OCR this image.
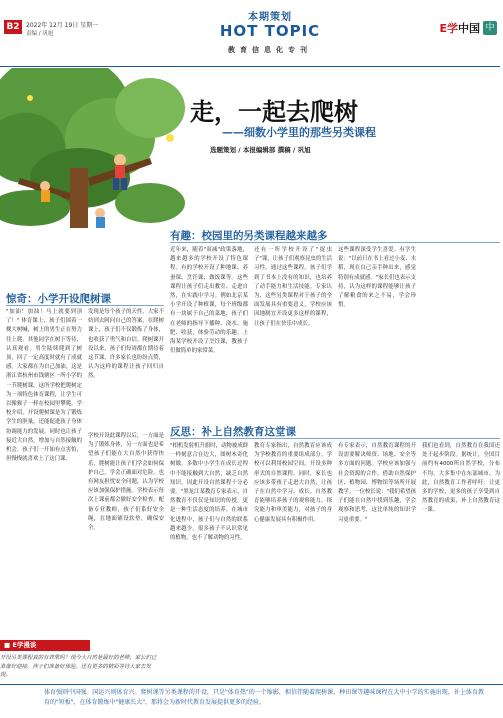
B2	2022年 12月 19日 星期一
责编 / 巩旭
本期策划
HOT TOPIC
教育信息化专刊
E学中国 中
走，一起去爬树
——细数小学里的那些另类课程
选题策划 / 本报编辑部 撰稿 / 巩旭
惊奇：小学开设爬树课
有趣：校园里的另类课程越来越多
反思：补上自然教育这堂课
"加油！加油！马上就要到顶了！" 体育课上，孩子们围着一棵大树喊，树上的男生正在努力往上爬。其他同学在树下等待，认真观看。男生陆续爬到了树顶，回了一定高度时就有了成就感。大家都在为自己加油。这是浙江省杭州市钱塘区一所小学的一节爬树课。这所学校把爬树定为一项特色体育课程，让学生可以像猴子一样在校园里攀爬。学校介绍，开设爬树课是为了锻炼学生的胆量，还能促进孩子身体协调能力的发展。同时也让孩子接近大自然，增加与自然接触的机会。孩子们一开始有点害怕，但慢慢就喜欢上了这门课。
发现是每个孩子的天性，大家不妨到去阿问自己的答案，在爬树课上，孩子们不仅锻炼了身体，也收获了勇气和自信。爬树课开设以来，孩子们每周都在期待着这节课，许多家长也纷纷点赞，认为这样的课程让孩子回归自然。
学校开设此课程以后，一方面是为了锻炼身体，另一方面也是希望孩子们能在大自然中获得快乐，爬树能让孩子们学会如何保护自己，学会正确面对危险。也有网友担忧安全问题，认为学校应该加强保护措施。学校表示每次上课前都会做好安全检查，配备专业教师，孩子们系好安全绳，在地面铺设软垫，确保安全。
近年来，随着"双减"政策落地，越来越多的学校开设了特色课程。有的学校开设了种地课、养蚕课、烹饪课、做饭课等。这些课程让孩子们走出教室、走进自然，在实践中学习。例如北京某小学开设了种植课，每个班级都有一块属于自己的菜地，孩子们在老师的指导下播种、浇水、施肥、收获，体验劳动的乐趣。上海某学校开设了烹饪课，教孩子们做简单的家常菜。
还有一所学校开设了"捉虫子"课，让孩子们观察昆虫的生活习性。通过这些课程，孩子们学到了书本上没有的知识，也培养了动手能力和生活技能。专家认为，这些另类课程对于孩子的全面发展具有重要意义，学校应该因地制宜开设更多这样的课程，让孩子们在快乐中成长。
这些课程深受学生喜爱。有学生说："以前只在书上看过小麦、水稻，现在自己亲手种出来，感觉特别有成就感。"家长们也表示支持，认为这样的课程能够让孩子了解粮食的来之不易，学会珍惜。
"相机发射机升旗时，动物被成群一样刻意合在边大，图树木奇化树做。多数中小学生在成长过程中不能接触到大自然，缺乏自然知识，因此开设自然课程十分必要。"黑龙江某教育专家表示，自然教育不仅仅是知识的传授，更是一种生活态度的培养。在城市化进程中，孩子们与自然的联系越来越少。很多孩子不认识常见的植物，也不了解动物的习性。
教育专家指出，自然教育应该成为学校教育的重要组成部分。学校可以利用校园空间，开设多种形式的自然课程。同时，家长也应该多带孩子走进大自然，让孩子在自然中学习、成长。自然教育能够培养孩子的观察能力、探究能力和审美能力，对孩子的身心健康发展具有积极作用。
有专家表示，自然教育课程的开设需要解决师资、场地、安全等多方面的问题。学校应该加强与社会资源的合作，借助自然保护区、植物园、博物馆等场所开展教学。一位校长说："我们希望孩子们能在自然中找到乐趣，学会观察和思考，这比单纯的知识学习更重要。"
我们也看到，自然教育在我国还处于起步阶段。据统计，全国目前约有4000所自然学校，分布不均，大多集中在东部城市。为此，自然教育工作者呼吁：让更多的学校、更多的孩子享受到自然教育的成果，补上自然教育这一课。
■ E学漫谈
开设另类课程真的有效果吗？现今大自然是最好的老师，家长们已准备好迎接、孩子们准备好体验。还有更多的精彩等待大家去发现。
体育强则中国强。国运兴则体育兴。爬树课等另类课程的开设，只是"体育热"的一个缩影，相信伴随着爬树课、种田课等趣味课程在大中小学的实施出现，补上体育教育的"短板"，在体育锻炼中"健康长大"，那将会为新时代教育发展提供更多的经验。
